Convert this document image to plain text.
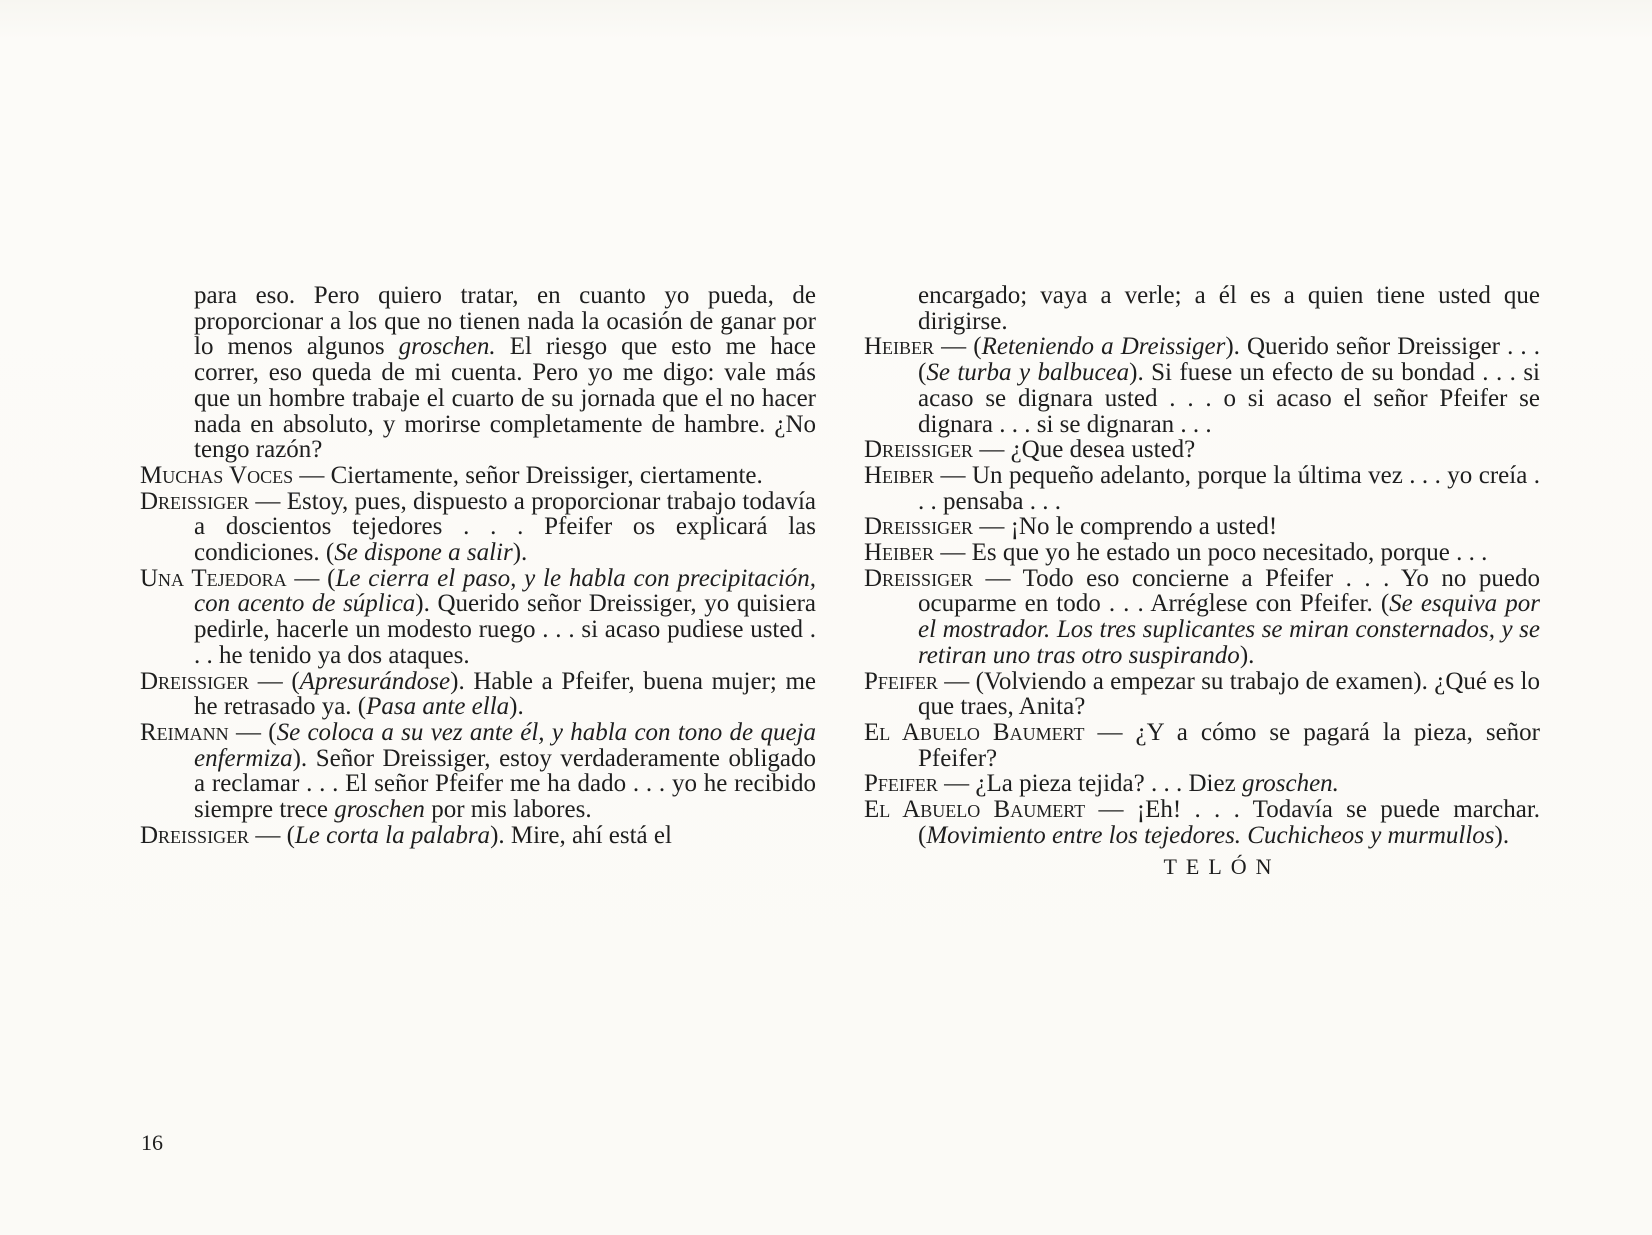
para eso. Pero quiero tratar, en cuanto yo pueda, de proporcionar a los que no tienen nada la ocasión de ganar por lo menos algunos groschen. El riesgo que esto me hace correr, eso queda de mi cuenta. Pero yo me digo: vale más que un hombre trabaje el cuarto de su jornada que el no hacer nada en absoluto, y morirse completamente de hambre. ¿No tengo razón?

Muchas Voces — Ciertamente, señor Dreissiger, ciertamente.

Dreissiger — Estoy, pues, dispuesto a proporcionar trabajo todavía a doscientos tejedores . . . Pfeifer os explicará las condiciones. (Se dispone a salir).

Una Tejedora — (Le cierra el paso, y le habla con precipitación, con acento de súplica). Querido señor Dreissiger, yo quisiera pedirle, hacerle un modesto ruego . . . si acaso pudiese usted . . . he tenido ya dos ataques.

Dreissiger — (Apresurándose). Hable a Pfeifer, buena mujer; me he retrasado ya. (Pasa ante ella).

Reimann — (Se coloca a su vez ante él, y habla con tono de queja enfermiza). Señor Dreissiger, estoy verdaderamente obligado a reclamar . . . El señor Pfeifer me ha dado . . . yo he recibido siempre trece groschen por mis labores.

Dreissiger — (Le corta la palabra). Mire, ahí está el

encargado; vaya a verle; a él es a quien tiene usted que dirigirse.

Heiber — (Reteniendo a Dreissiger). Querido señor Dreissiger . . . (Se turba y balbucea). Si fuese un efecto de su bondad . . . si acaso se dignara usted . . . o si acaso el señor Pfeifer se dignara . . . si se dignaran . . .

Dreissiger — ¿Que desea usted?

Heiber — Un pequeño adelanto, porque la última vez . . . yo creía . . . pensaba . . .

Dreissiger — ¡No le comprendo a usted!

Heiber — Es que yo he estado un poco necesitado, porque . . .

Dreissiger — Todo eso concierne a Pfeifer . . . Yo no puedo ocuparme en todo . . . Arréglese con Pfeifer. (Se esquiva por el mostrador. Los tres suplicantes se miran consternados, y se retiran uno tras otro suspirando).

Pfeifer — (Volviendo a empezar su trabajo de examen). ¿Qué es lo que traes, Anita?

El Abuelo Baumert — ¿Y a cómo se pagará la pieza, señor Pfeifer?

Pfeifer — ¿La pieza tejida? . . . Diez groschen.

El Abuelo Baumert — ¡Eh! . . . Todavía se puede marchar. (Movimiento entre los tejedores. Cuchicheos y murmullos).

TELÓN
16
